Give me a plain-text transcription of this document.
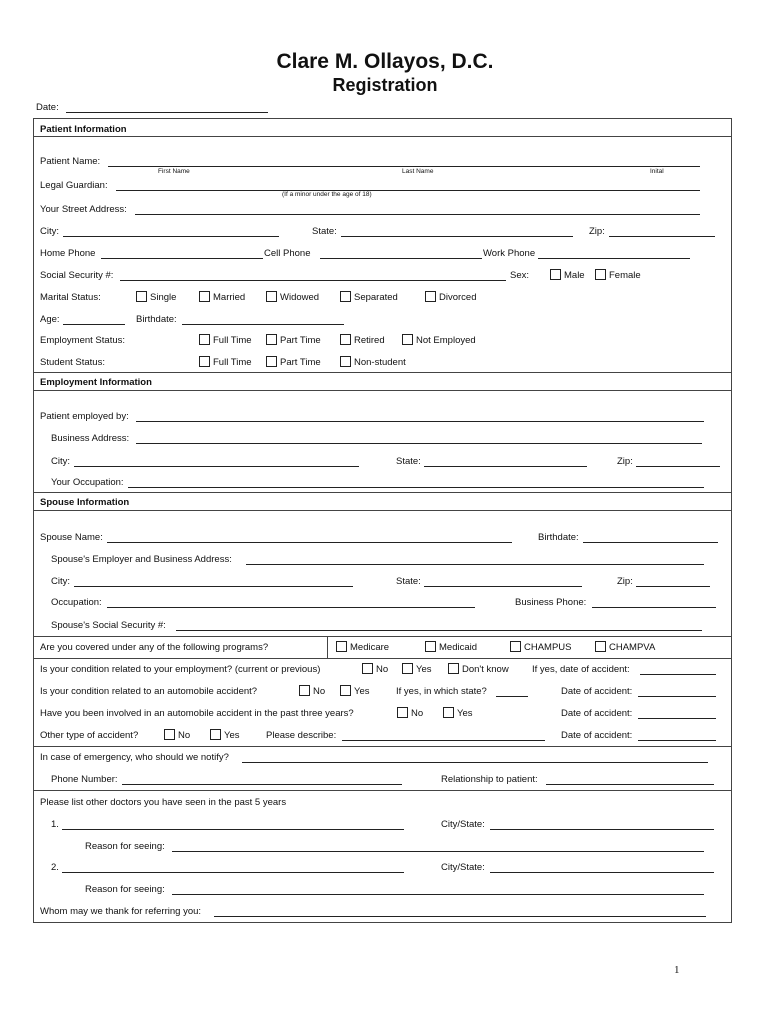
Clare M. Ollayos, D.C.
Registration
Date:
Patient Information
Patient Name:
First Name	Last Name	Inital
Legal Guardian:
(If a minor under the age of 18)
Your Street Address:
City:	State:	Zip:
Home Phone	Cell Phone	Work Phone
Social Security #:	Sex:	Male	Female
Marital Status:	Single	Married	Widowed	Separated	Divorced
Age:	Birthdate:
Employment Status:	Full Time	Part Time	Retired	Not Employed
Student Status:	Full Time	Part Time	Non-student
Employment Information
Patient employed by:
Business Address:
City:	State:	Zip:
Your Occupation:
Spouse Information
Spouse Name:	Birthdate:
Spouse's Employer and Business Address:
City:	State:	Zip:
Occupation:	Business Phone:
Spouse's Social Security #:
Are you covered under any of the following programs?	Medicare	Medicaid	CHAMPUS	CHAMPVA
Is your condition related to your employment? (current or previous)	No	Yes	Don't know If yes, date of accident:
Is your condition related to an automobile accident?	No	Yes	If yes, in which state?	Date of accident:
Have you been involved in an automobile accident in the past three years?	No	Yes	Date of accident:
Other type of accident?	No	Yes	Please describe:	Date of accident:
In case of emergency, who should we notify?
Phone Number:	Relationship to patient:
Please list other doctors you have seen in the past 5 years
1.	City/State:
Reason for seeing:
2.	City/State:
Reason for seeing:
Whom may we thank for referring you:
1
